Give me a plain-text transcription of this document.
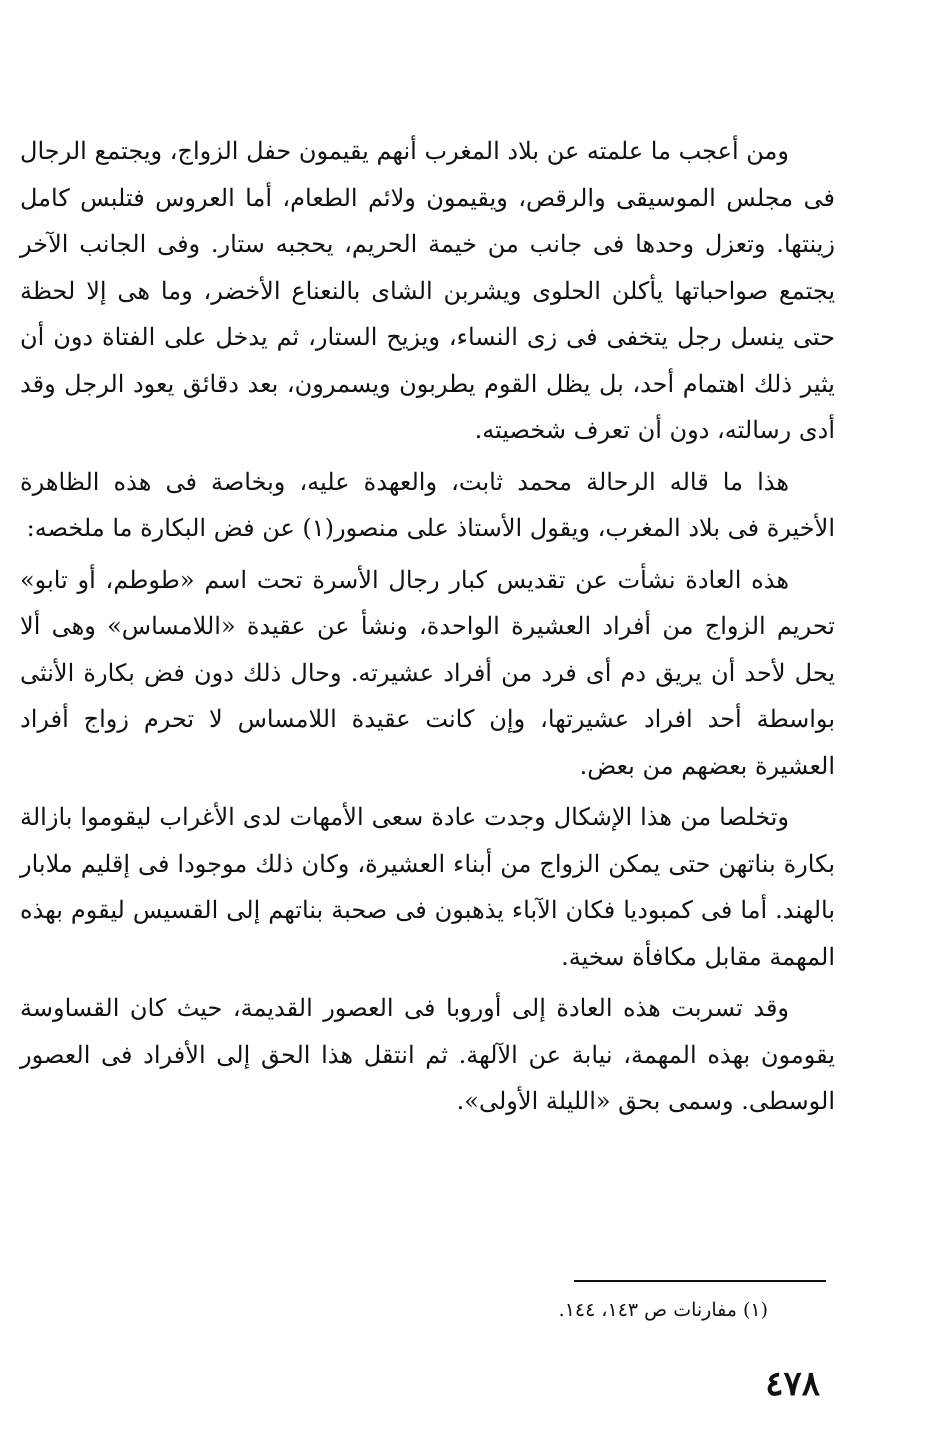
ومن أعجب ما علمته عن بلاد المغرب أنهم يقيمون حفل الزواج، ويجتمع الرجال فى مجلس الموسيقى والرقص، ويقيمون ولائم الطعام، أما العروس فتلبس كامل زينتها. وتعزل وحدها فى جانب من خيمة الحريم، يحجبه ستار. وفى الجانب الآخر يجتمع صواحباتها يأكلن الحلوى ويشربن الشاى بالنعناع الأخضر، وما هى إلا لحظة حتى ينسل رجل يتخفى فى زى النساء، ويزيح الستار، ثم يدخل على الفتاة دون أن يثير ذلك اهتمام أحد، بل يظل القوم يطربون ويسمرون، بعد دقائق يعود الرجل وقد أدى رسالته، دون أن تعرف شخصيته.

هذا ما قاله الرحالة محمد ثابت، والعهدة عليه، وبخاصة فى هذه الظاهرة الأخيرة فى بلاد المغرب، ويقول الأستاذ على منصور(١) عن فض البكارة ما ملخصه:

هذه العادة نشأت عن تقديس كبار رجال الأسرة تحت اسم «طوطم، أو تابو» تحريم الزواج من أفراد العشيرة الواحدة، ونشأ عن عقيدة «اللامساس» وهى ألا يحل لأحد أن يريق دم أى فرد من أفراد عشيرته. وحال ذلك دون فض بكارة الأنثى بواسطة أحد افراد عشيرتها، وإن كانت عقيدة اللامساس لا تحرم زواج أفراد العشيرة بعضهم من بعض.

وتخلصا من هذا الإشكال وجدت عادة سعى الأمهات لدى الأغراب ليقوموا بازالة بكارة بناتهن حتى يمكن الزواج من أبناء العشيرة، وكان ذلك موجودا فى إقليم ملابار بالهند. أما فى كمبوديا فكان الآباء يذهبون فى صحبة بناتهم إلى القسيس ليقوم بهذه المهمة مقابل مكافأة سخية.

وقد تسربت هذه العادة إلى أوروبا فى العصور القديمة، حيث كان القساوسة يقومون بهذه المهمة، نيابة عن الآلهة. ثم انتقل هذا الحق إلى الأفراد فى العصور الوسطى. وسمى بحق «الليلة الأولى».

(١) مفارنات ص ١٤٣، ١٤٤.
٤٧٨
